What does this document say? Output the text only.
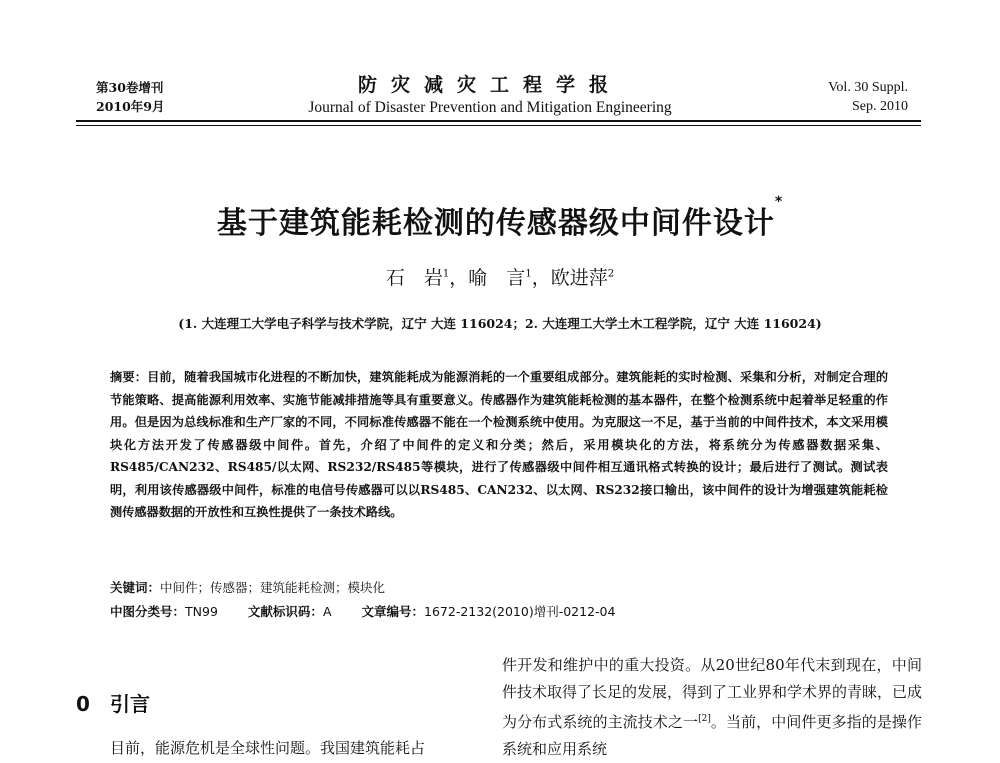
第30卷增刊
2010年9月
防灾减灾工程学报
Journal of Disaster Prevention and Mitigation Engineering
Vol. 30 Suppl.
Sep. 2010
基于建筑能耗检测的传感器级中间件设计*
石　岩$^1$，喻　言$^1$，欧进萍$^2$
(1. 大连理工大学电子科学与技术学院，辽宁 大连 116024；2. 大连理工大学土木工程学院，辽宁 大连 116024)
摘要：目前，随着我国城市化进程的不断加快，建筑能耗成为能源消耗的一个重要组成部分。建筑能耗的实时检测、采集和分析，对制定合理的节能策略、提高能源利用效率、实施节能减排措施等具有重要意义。传感器作为建筑能耗检测的基本器件，在整个检测系统中起着举足轻重的作用。但是因为总线标准和生产厂家的不同，不同标准传感器不能在一个检测系统中使用。为克服这一不足，基于当前的中间件技术，本文采用模块化方法开发了传感器级中间件。首先，介绍了中间件的定义和分类；然后，采用模块化的方法，将系统分为传感器数据采集、RS485/CAN232、RS485/以太网、RS232/RS485等模块，进行了传感器级中间件相互通讯格式转换的设计；最后进行了测试。测试表明，利用该传感器级中间件，标准的电信号传感器可以以RS485、CAN232、以太网、RS232接口输出，该中间件的设计为增强建筑能耗检测传感器数据的开放性和互换性提供了一条技术路线。
关键词：中间件；传感器；建筑能耗检测；模块化
中图分类号：TN99 文献标识码：A 文章编号：1672-2132(2010)增刊-0212-04
0 引言
目前，能源危机是全球性问题。我国建筑能耗占
件开发和维护中的重大投资。从20世纪80年代末到现在，中间件技术取得了长足的发展，得到了工业界和学术界的青睐，已成为分布式系统的主流技术之一[2]。当前，中间件更多指的是操作系统和应用系统
